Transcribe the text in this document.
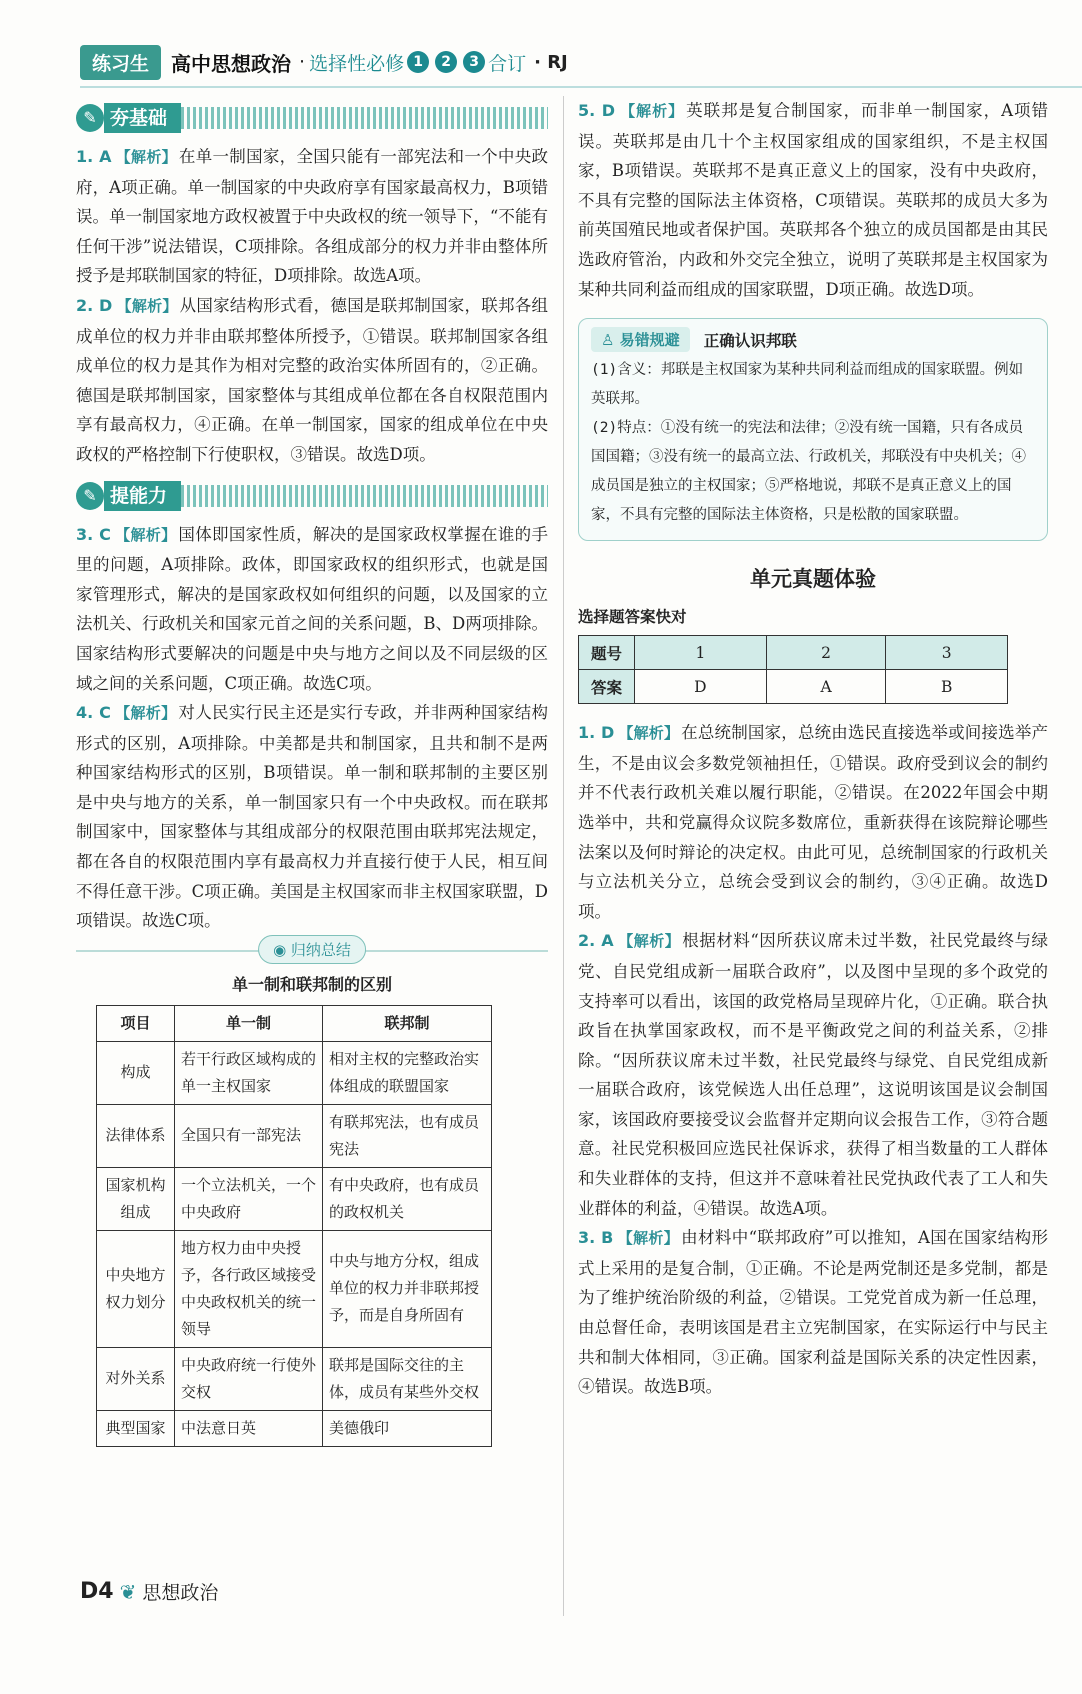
练习生	高中思想政治 · 选择性必修 1	2	3 合订 · RJ
✎ 夯基础

1. A 【解析】 在单一制国家，全国只能有一部宪法和一个中央政府，A项正确。单一制国家的中央政府享有国家最高权力，B项错误。单一制国家地方政权被置于中央政权的统一领导下，“不能有任何干涉”说法错误，C项排除。各组成部分的权力并非由整体所授予是邦联制国家的特征，D项排除。故选A项。

2. D 【解析】 从国家结构形式看，德国是联邦制国家，联邦各组成单位的权力并非由联邦整体所授予，①错误。联邦制国家各组成单位的权力是其作为相对完整的政治实体所固有的，②正确。德国是联邦制国家，国家整体与其组成单位都在各自权限范围内享有最高权力，④正确。在单一制国家，国家的组成单位在中央政权的严格控制下行使职权，③错误。故选D项。

✎ 提能力

3. C 【解析】 国体即国家性质，解决的是国家政权掌握在谁的手里的问题，A项排除。政体，即国家政权的组织形式，也就是国家管理形式，解决的是国家政权如何组织的问题，以及国家的立法机关、行政机关和国家元首之间的关系问题，B、D两项排除。国家结构形式要解决的问题是中央与地方之间以及不同层级的区域之间的关系问题，C项正确。故选C项。

4. C 【解析】 对人民实行民主还是实行专政，并非两种国家结构形式的区别，A项排除。中美都是共和制国家，且共和制不是两种国家结构形式的区别，B项错误。单一制和联邦制的主要区别是中央与地方的关系，单一制国家只有一个中央政权。而在联邦制国家中，国家整体与其组成部分的权限范围由联邦宪法规定，都在各自的权限范围内享有最高权力并直接行使于人民，相互间不得任意干涉。C项正确。美国是主权国家而非主权国家联盟，D项错误。故选C项。

◉ 归纳总结
单一制和联邦制的区别
项目	单一制	联邦制
构成	若干行政区域构成的单一主权国家	相对主权的完整政治实体组成的联盟国家
法律体系	全国只有一部宪法	有联邦宪法，也有成员宪法
国家机构组成	一个立法机关，一个中央政府	有中央政府，也有成员的政权机关
中央地方权力划分	地方权力由中央授予，各行政区域接受中央政权机关的统一领导	中央与地方分权，组成单位的权力并非联邦授予，而是自身所固有
对外关系	中央政府统一行使外交权	联邦是国际交往的主体，成员有某些外交权
典型国家	中法意日英	美德俄印

5. D 【解析】 英联邦是复合制国家，而非单一制国家，A项错误。英联邦是由几十个主权国家组成的国家组织，不是主权国家，B项错误。英联邦不是真正意义上的国家，没有中央政府，不具有完整的国际法主体资格，C项错误。英联邦的成员大多为前英国殖民地或者保护国。英联邦各个独立的成员国都是由其民选政府管治，内政和外交完全独立，说明了英联邦是主权国家为某种共同利益而组成的国家联盟，D项正确。故选D项。

♙ 易错规避	正确认识邦联

(1)含义：邦联是主权国家为某种共同利益而组成的国家联盟。例如英联邦。

(2)特点：①没有统一的宪法和法律；②没有统一国籍，只有各成员国国籍；③没有统一的最高立法、行政机关，邦联没有中央机关；④成员国是独立的主权国家；⑤严格地说，邦联不是真正意义上的国家，不具有完整的国际法主体资格，只是松散的国家联盟。

单元真题体验
选择题答案快对
题号	1	2	3
答案	D	A	B

1. D 【解析】 在总统制国家，总统由选民直接选举或间接选举产生，不是由议会多数党领袖担任，①错误。政府受到议会的制约并不代表行政机关难以履行职能，②错误。在2022年国会中期选举中，共和党赢得众议院多数席位，重新获得在该院辩论哪些法案以及何时辩论的决定权。由此可见，总统制国家的行政机关与立法机关分立，总统会受到议会的制约，③④正确。故选D项。

2. A 【解析】 根据材料“因所获议席未过半数，社民党最终与绿党、自民党组成新一届联合政府”，以及图中呈现的多个政党的支持率可以看出，该国的政党格局呈现碎片化，①正确。联合执政旨在执掌国家政权，而不是平衡政党之间的利益关系，②排除。“因所获议席未过半数，社民党最终与绿党、自民党组成新一届联合政府，该党候选人出任总理”，这说明该国是议会制国家，该国政府要接受议会监督并定期向议会报告工作，③符合题意。社民党积极回应选民社保诉求，获得了相当数量的工人群体和失业群体的支持，但这并不意味着社民党执政代表了工人和失业群体的利益，④错误。故选A项。

3. B 【解析】 由材料中“联邦政府”可以推知，A国在国家结构形式上采用的是复合制，①正确。不论是两党制还是多党制，都是为了维护统治阶级的利益，②错误。工党党首成为新一任总理，由总督任命，表明该国是君主立宪制国家，在实际运行中与民主共和制大体相同，③正确。国家利益是国际关系的决定性因素，④错误。故选B项。

D4 ❦ 思想政治
